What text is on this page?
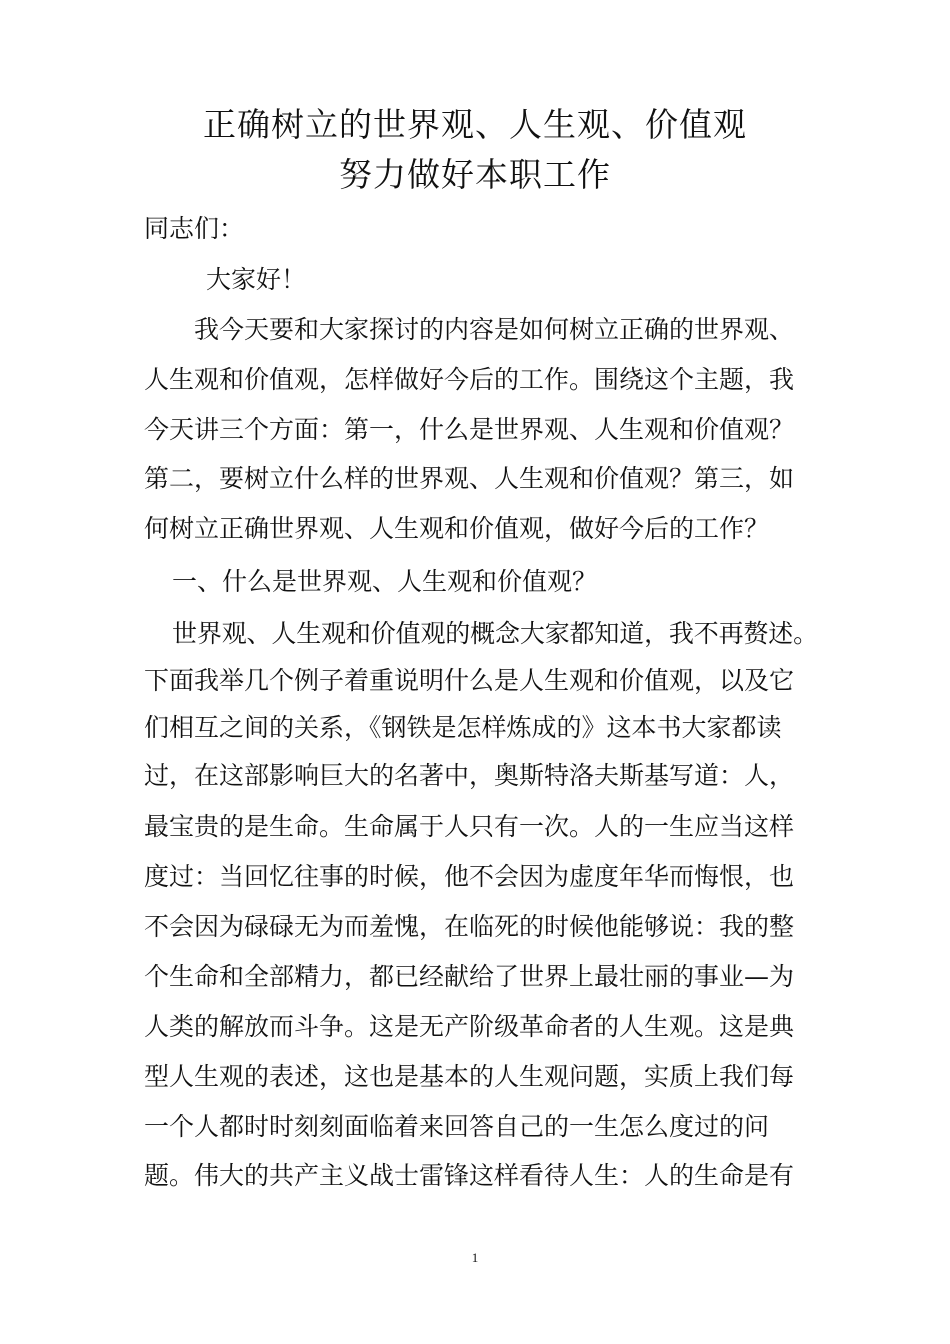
正确树立的世界观、人生观、价值观
努力做好本职工作
同志们：
大家好！
我今天要和大家探讨的内容是如何树立正确的世界观、
人生观和价值观，怎样做好今后的工作。围绕这个主题，我
今天讲三个方面：第一，什么是世界观、人生观和价值观？
第二，要树立什么样的世界观、人生观和价值观？第三，如
何树立正确世界观、人生观和价值观，做好今后的工作？
一、什么是世界观、人生观和价值观？
世界观、人生观和价值观的概念大家都知道，我不再赘述。
下面我举几个例子着重说明什么是人生观和价值观，以及它
们相互之间的关系，《钢铁是怎样炼成的》这本书大家都读
过，在这部影响巨大的名著中，奥斯特洛夫斯基写道：人，
最宝贵的是生命。生命属于人只有一次。人的一生应当这样
度过：当回忆往事的时候，他不会因为虚度年华而悔恨，也
不会因为碌碌无为而羞愧，在临死的时候他能够说：我的整
个生命和全部精力，都已经献给了世界上最壮丽的事业—为
人类的解放而斗争。这是无产阶级革命者的人生观。这是典
型人生观的表述，这也是基本的人生观问题，实质上我们每
一个人都时时刻刻面临着来回答自己的一生怎么度过的问
题。伟大的共产主义战士雷锋这样看待人生：人的生命是有
1
